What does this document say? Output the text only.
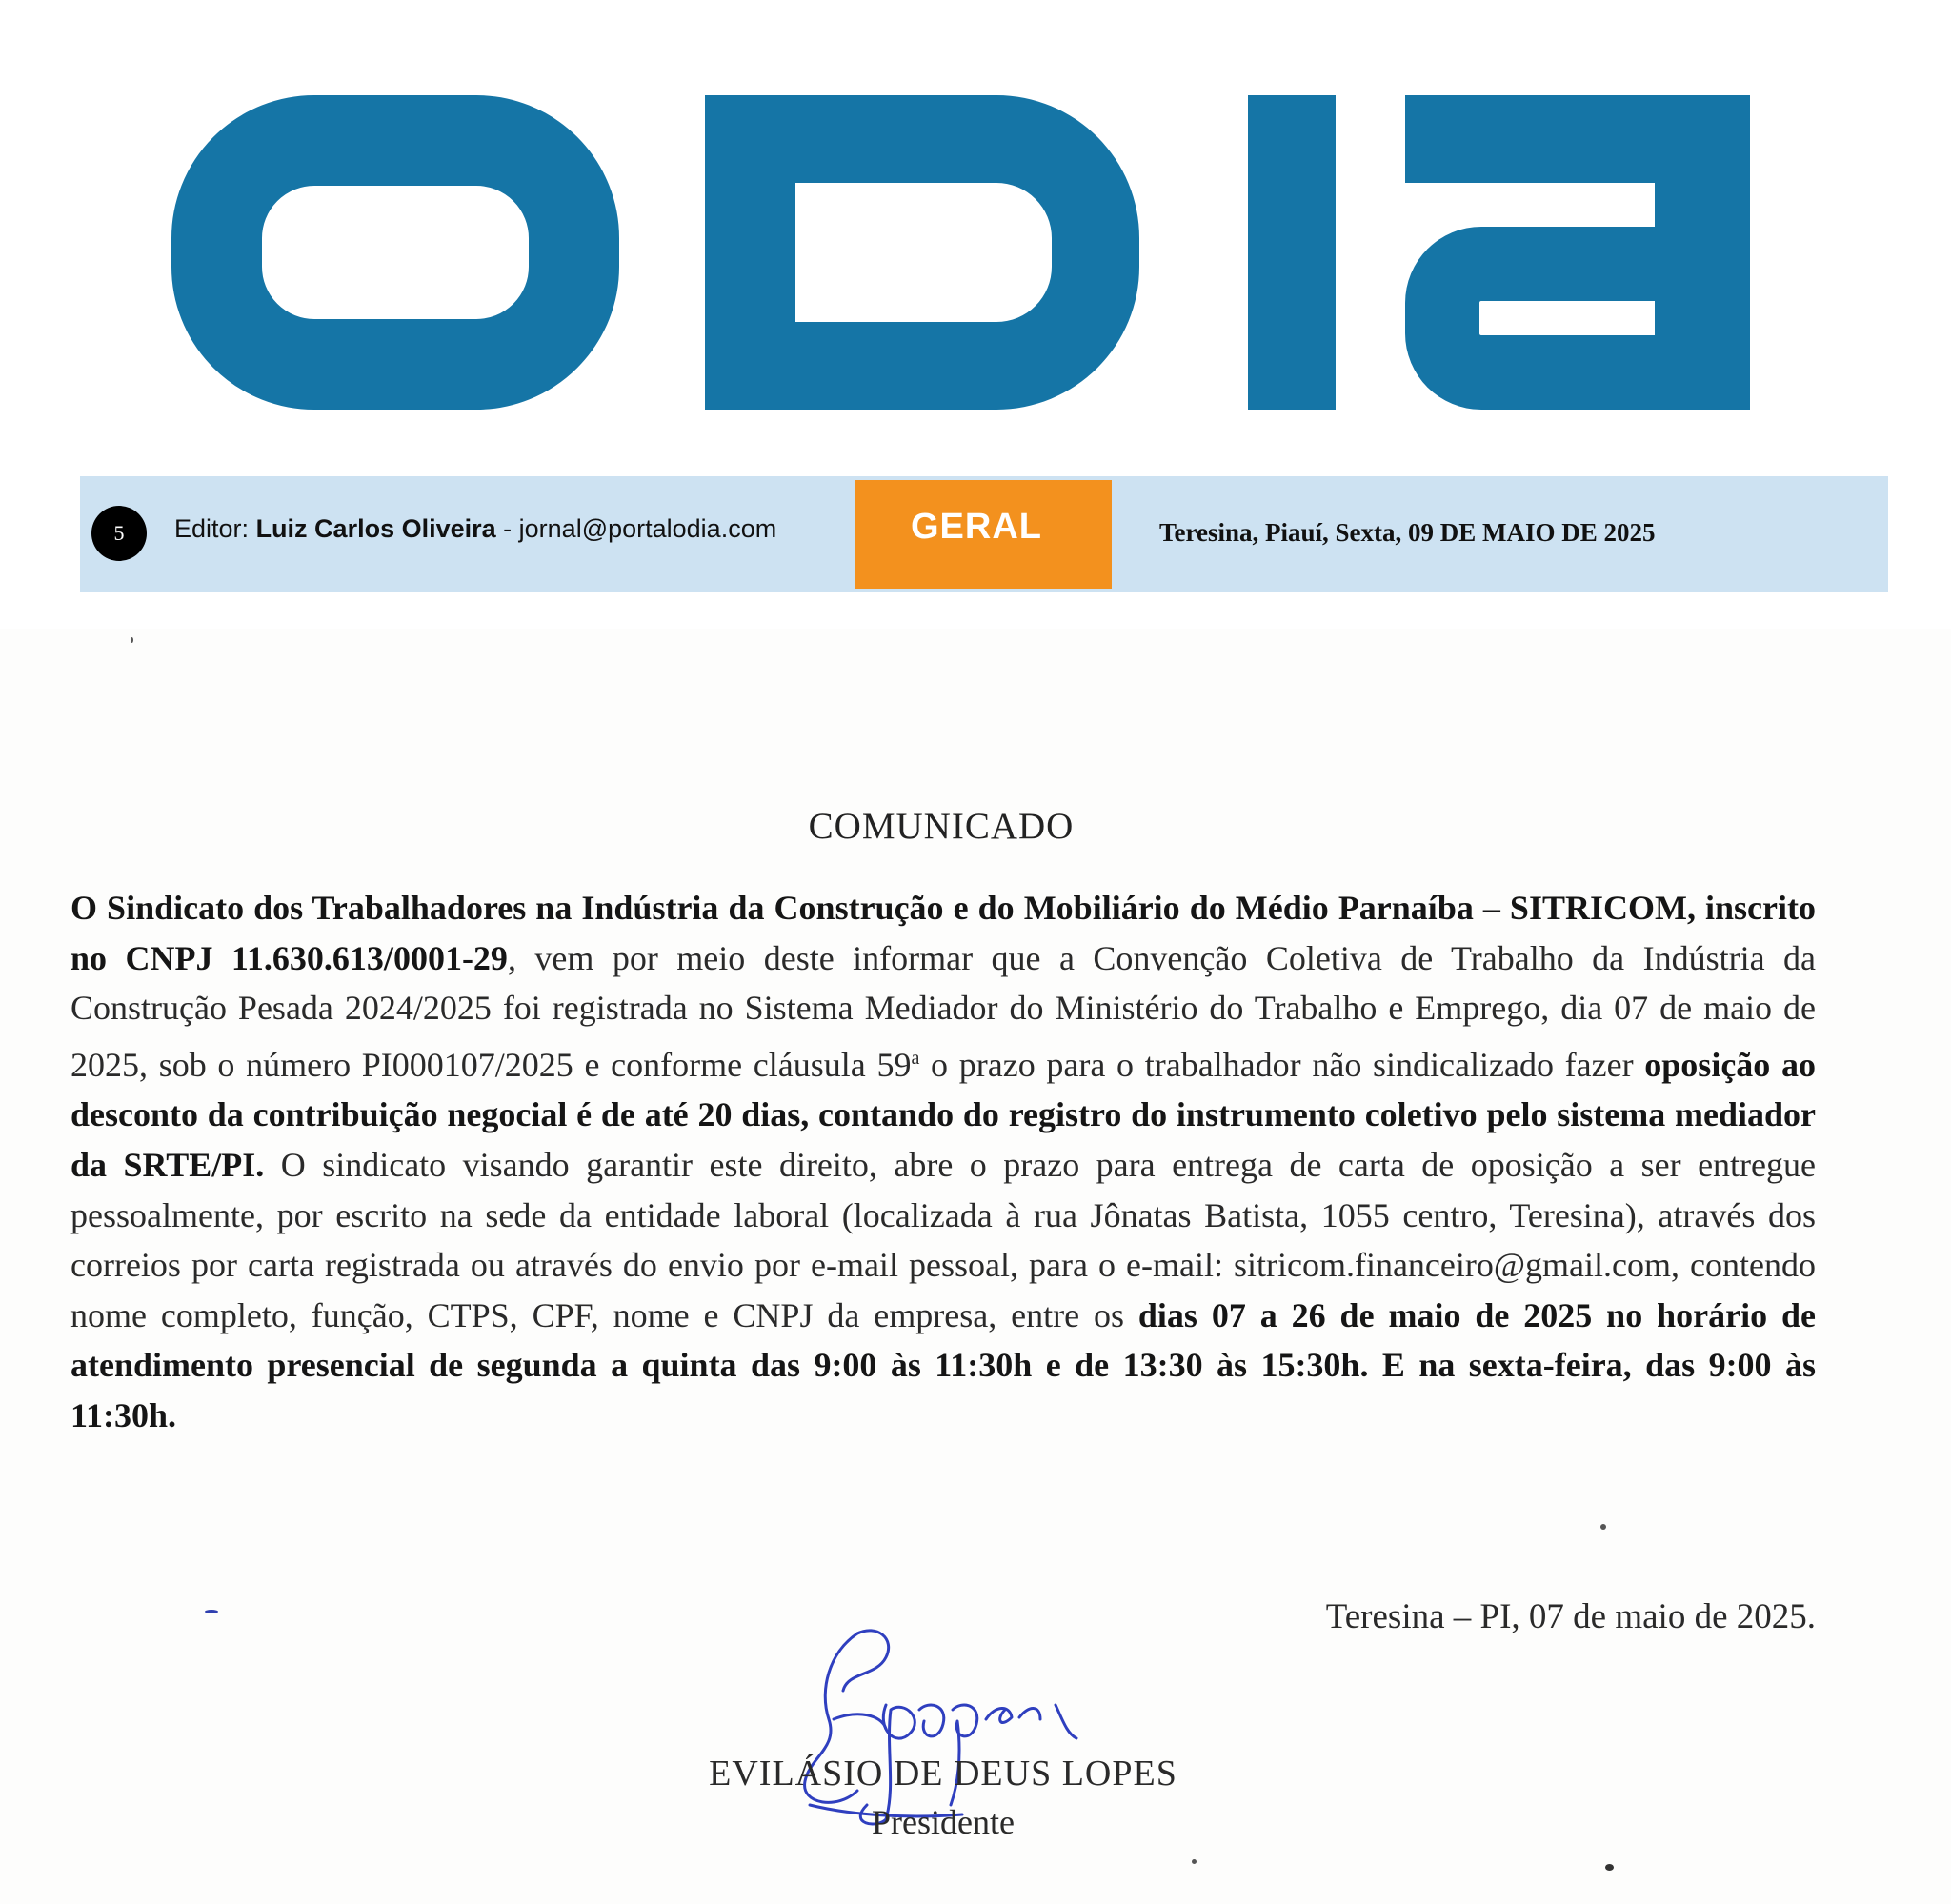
5	Editor: Luiz Carlos Oliveira - jornal@portalodia.com	GERAL	Teresina, Piauí, Sexta, 09 DE MAIO DE 2025
COMUNICADO
O Sindicato dos Trabalhadores na Indústria da Construção e do Mobiliário do Médio Parnaíba – SITRICOM, inscrito no CNPJ 11.630.613/0001-29, vem por meio deste informar que a Convenção Coletiva de Trabalho da Indústria da Construção Pesada 2024/2025 foi registrada no Sistema Mediador do Ministério do Trabalho e Emprego, dia 07 de maio de 2025, sob o número PI000107/2025 e conforme cláusula 59$^a$ o prazo para o trabalhador não sindicalizado fazer oposição ao desconto da contribuição negocial é de até 20 dias, contando do registro do instrumento coletivo pelo sistema mediador da SRTE/PI. O sindicato visando garantir este direito, abre o prazo para entrega de carta de oposição a ser entregue pessoalmente, por escrito na sede da entidade laboral (localizada à rua Jônatas Batista, 1055 centro, Teresina), através dos correios por carta registrada ou através do envio por e-mail pessoal, para o e-mail: sitricom.financeiro@gmail.com, contendo nome completo, função, CTPS, CPF, nome e CNPJ da empresa, entre os dias 07 a 26 de maio de 2025 no horário de atendimento presencial de segunda a quinta das 9:00 às 11:30h e de 13:30 às 15:30h. E na sexta-feira, das 9:00 às 11:30h.
Teresina – PI, 07 de maio de 2025.
EVILÁSIO DE DEUS LOPES
Presidente
